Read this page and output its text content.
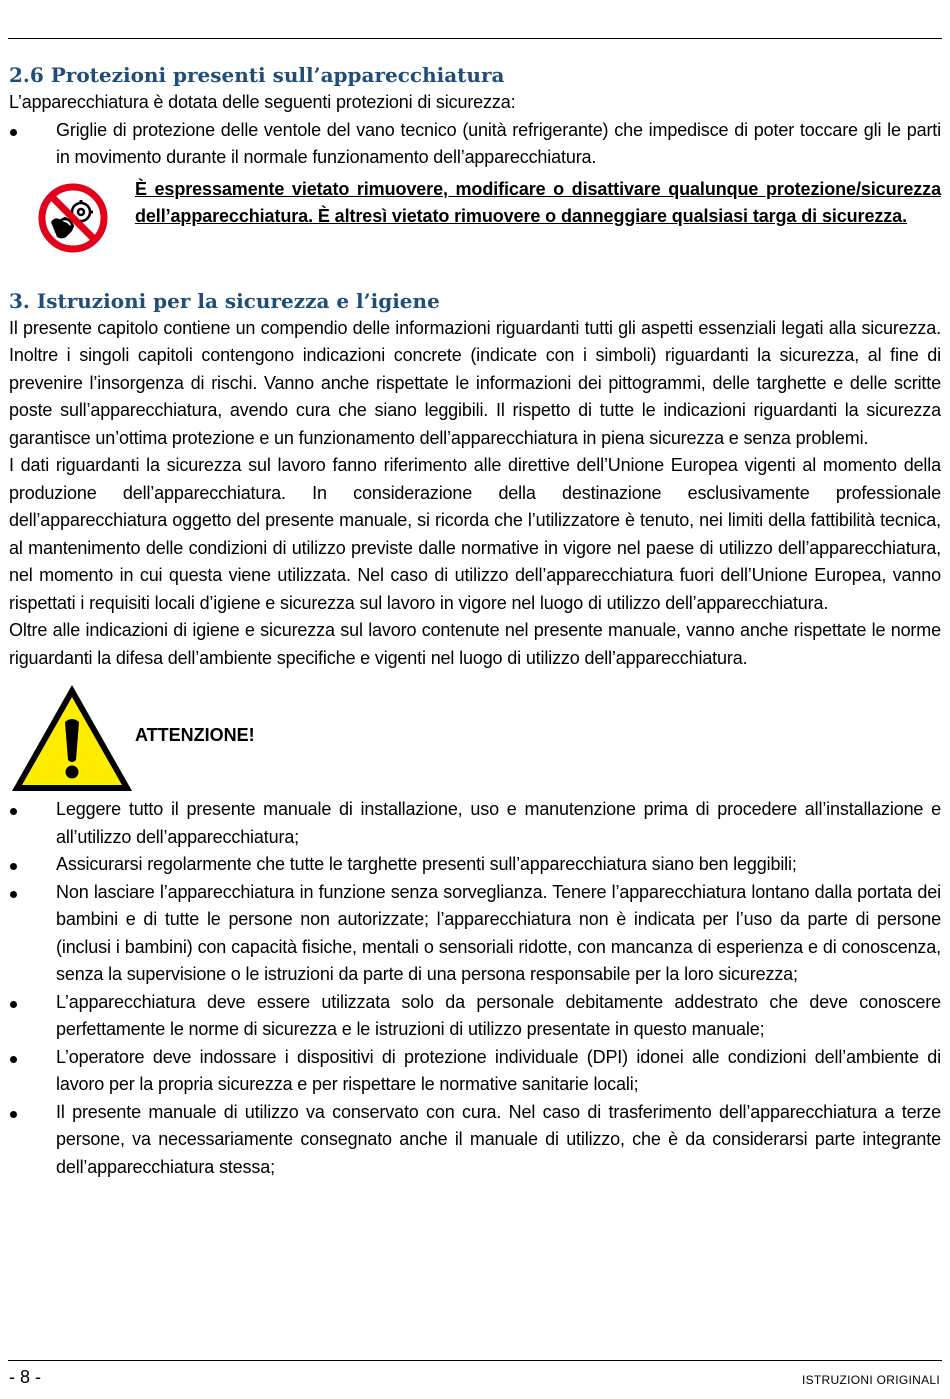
2.6 Protezioni presenti sull’apparecchiatura

L’apparecchiatura è dotata delle seguenti protezioni di sicurezza:

Griglie di protezione delle ventole del vano tecnico (unità refrigerante) che impedisce di poter toccare gli le parti in movimento durante il normale funzionamento dell’apparecchiatura.
È espressamente vietato rimuovere, modificare o disattivare qualunque protezione/sicurezza dell’apparecchiatura. È altresì vietato rimuovere o danneggiare qualsiasi targa di sicurezza.
3. Istruzioni per la sicurezza e l’igiene

Il presente capitolo contiene un compendio delle informazioni riguardanti tutti gli aspetti essenziali legati alla sicurezza. Inoltre i singoli capitoli contengono indicazioni concrete (indicate con i simboli) riguardanti la sicurezza, al fine di prevenire l’insorgenza di rischi. Vanno anche rispettate le informazioni dei pittogrammi, delle targhette e delle scritte poste sull’apparecchiatura, avendo cura che siano leggibili. Il rispetto di tutte le indicazioni riguardanti la sicurezza garantisce un’ottima protezione e un funzionamento dell’apparecchiatura in piena sicurezza e senza problemi.

I dati riguardanti la sicurezza sul lavoro fanno riferimento alle direttive dell’Unione Europea vigenti al momento della produzione dell’apparecchiatura. In considerazione della destinazione esclusivamente professionale dell’apparecchiatura oggetto del presente manuale, si ricorda che l’utilizzatore è tenuto, nei limiti della fattibilità tecnica, al mantenimento delle condizioni di utilizzo previste dalle normative in vigore nel paese di utilizzo dell’apparecchiatura, nel momento in cui questa viene utilizzata. Nel caso di utilizzo dell’apparecchiatura fuori dell’Unione Europea, vanno rispettati i requisiti locali d’igiene e sicurezza sul lavoro in vigore nel luogo di utilizzo dell’apparecchiatura.

Oltre alle indicazioni di igiene e sicurezza sul lavoro contenute nel presente manuale, vanno anche rispettate le norme riguardanti la difesa dell’ambiente specifiche e vigenti nel luogo di utilizzo dell’apparecchiatura.

ATTENZIONE!
Leggere tutto il presente manuale di installazione, uso e manutenzione prima di procedere all’installazione e all’utilizzo dell’apparecchiatura;
Assicurarsi regolarmente che tutte le targhette presenti sull’apparecchiatura siano ben leggibili;
Non lasciare l’apparecchiatura in funzione senza sorveglianza. Tenere l’apparecchiatura lontano dalla portata dei bambini e di tutte le persone non autorizzate; l’apparecchiatura non è indicata per l’uso da parte di persone (inclusi i bambini) con capacità fisiche, mentali o sensoriali ridotte, con mancanza di esperienza e di conoscenza, senza la supervisione o le istruzioni da parte di una persona responsabile per la loro sicurezza;
L’apparecchiatura deve essere utilizzata solo da personale debitamente addestrato che deve conoscere perfettamente le norme di sicurezza e le istruzioni di utilizzo presentate in questo manuale;
L’operatore deve indossare i dispositivi di protezione individuale (DPI) idonei alle condizioni dell’ambiente di lavoro per la propria sicurezza e per rispettare le normative sanitarie locali;
Il presente manuale di utilizzo va conservato con cura. Nel caso di trasferimento dell’apparecchiatura a terze persone, va necessariamente consegnato anche il manuale di utilizzo, che è da considerarsi parte integrante dell’apparecchiatura stessa;
- 8 -	ISTRUZIONI ORIGINALI
